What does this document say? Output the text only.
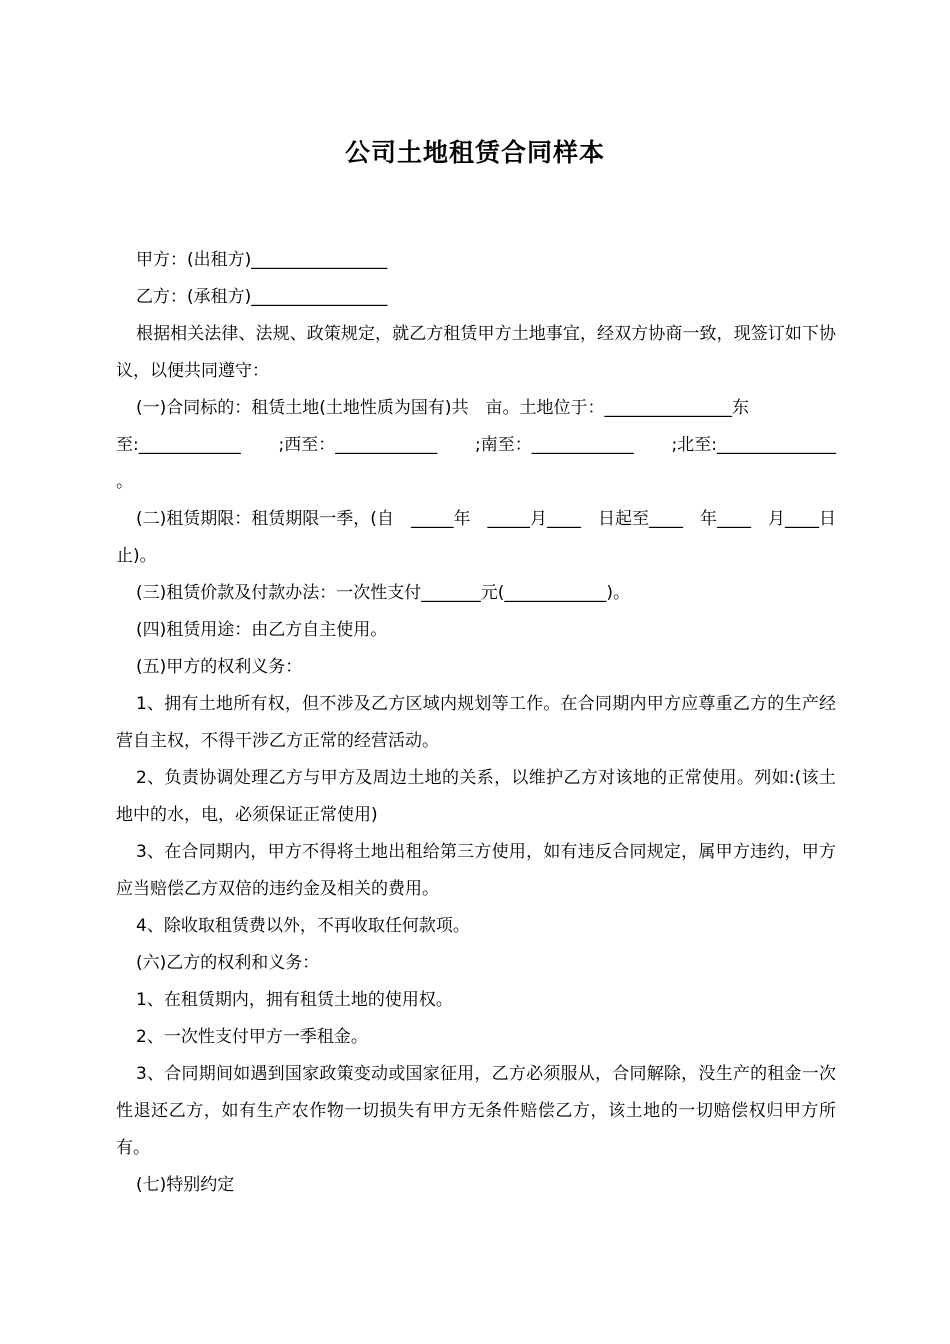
公司土地租赁合同样本

甲方：(出租方)________________

乙方：(承租方)________________

根据相关法律、法规、政策规定，就乙方租赁甲方土地事宜，经双方协商一致，现签订如下协议，以便共同遵守：

(一)合同标的：租赁土地(土地性质为国有)共　亩。土地位于：_______________东

至:____________ ;西至：____________ ;南至：____________ ;北至:______________

。

(二)租赁期限：租赁期限一季，(自　_____年　_____月____　日起至____　年____　月____日止)。

(三)租赁价款及付款办法：一次性支付_______元(____________)。

(四)租赁用途：由乙方自主使用。

(五)甲方的权利义务：

1、拥有土地所有权，但不涉及乙方区域内规划等工作。在合同期内甲方应尊重乙方的生产经营自主权，不得干涉乙方正常的经营活动。

2、负责协调处理乙方与甲方及周边土地的关系，以维护乙方对该地的正常使用。列如:(该土地中的水，电，必须保证正常使用)

3、在合同期内，甲方不得将土地出租给第三方使用，如有违反合同规定，属甲方违约，甲方应当赔偿乙方双倍的违约金及相关的费用。

4、除收取租赁费以外，不再收取任何款项。

(六)乙方的权利和义务：

1、在租赁期内，拥有租赁土地的使用权。

2、一次性支付甲方一季租金。

3、合同期间如遇到国家政策变动或国家征用，乙方必须服从，合同解除，没生产的租金一次性退还乙方，如有生产农作物一切损失有甲方无条件赔偿乙方，该土地的一切赔偿权归甲方所有。

(七)特别约定
